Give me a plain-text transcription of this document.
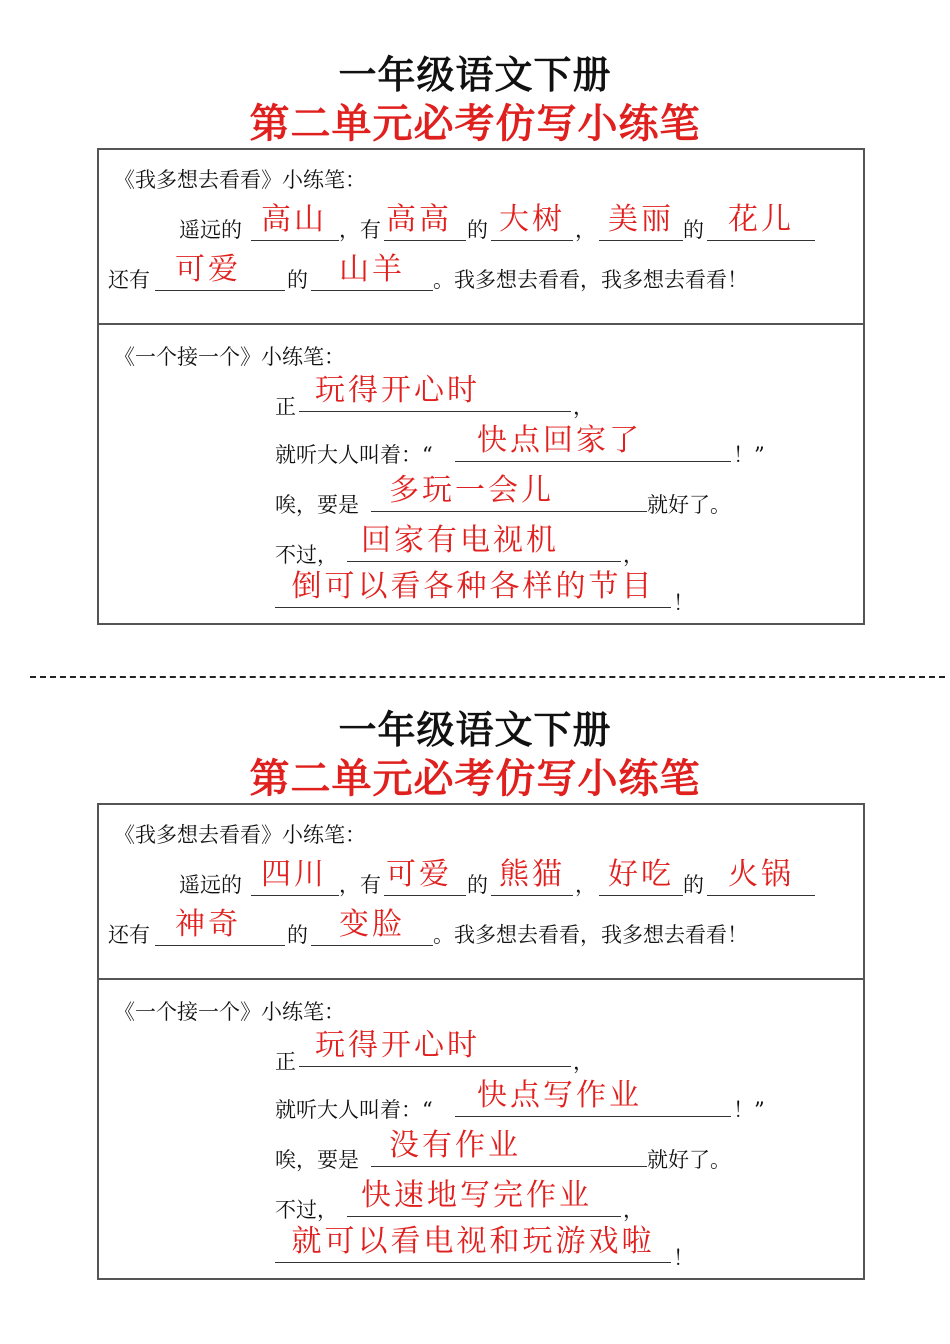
一年级语文下册
第二单元必考仿写小练笔
《我多想去看看》小练笔：
遥远的 高山 ，有 高高 的 大树 ， 美丽 的 花儿
还有 可爱	的	山羊	。我多想去看看，我多想去看看！
《一个接一个》小练笔：
正 玩得开心时	，
就听大人叫着：“	快点回家了	！”
唉，要是	多玩一会儿	就好了。
不过， 回家有电视机	，
倒可以看各种各样的节目 ！
一年级语文下册
第二单元必考仿写小练笔
《我多想去看看》小练笔：
遥远的 四川 ，有 可爱 的 熊猫 ， 好吃 的 火锅
还有 神奇	的	变脸	。我多想去看看，我多想去看看！
《一个接一个》小练笔：
正 玩得开心时	，
就听大人叫着：“	快点写作业	！”
唉，要是	没有作业	就好了。
不过， 快速地写完作业	，
就可以看电视和玩游戏啦 ！
